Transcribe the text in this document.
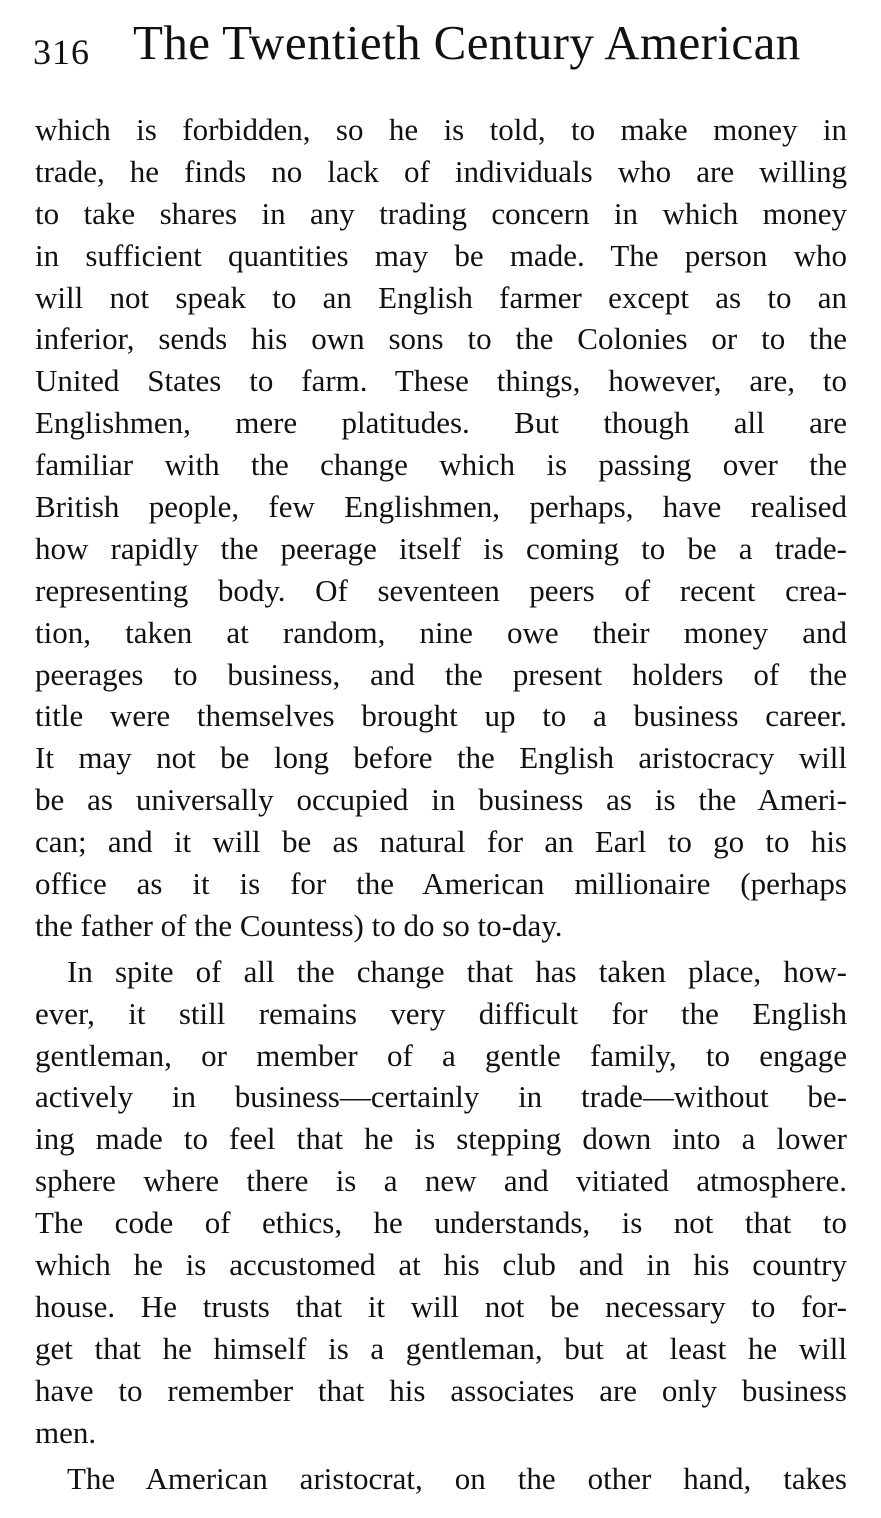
316 The Twentieth Century American
which is forbidden, so he is told, to make money in
trade, he finds no lack of individuals who are willing
to take shares in any trading concern in which money
in sufficient quantities may be made. The person who
will not speak to an English farmer except as to an
inferior, sends his own sons to the Colonies or to the
United States to farm. These things, however, are, to
Englishmen, mere platitudes. But though all are
familiar with the change which is passing over the
British people, few Englishmen, perhaps, have realised
how rapidly the peerage itself is coming to be a trade-
representing body. Of seventeen peers of recent crea-
tion, taken at random, nine owe their money and
peerages to business, and the present holders of the
title were themselves brought up to a business career.
It may not be long before the English aristocracy will
be as universally occupied in business as is the Ameri-
can; and it will be as natural for an Earl to go to his
office as it is for the American millionaire (perhaps
the father of the Countess) to do so to-day.
In spite of all the change that has taken place, how-
ever, it still remains very difficult for the English
gentleman, or member of a gentle family, to engage
actively in business—certainly in trade—without be-
ing made to feel that he is stepping down into a lower
sphere where there is a new and vitiated atmosphere.
The code of ethics, he understands, is not that to
which he is accustomed at his club and in his country
house. He trusts that it will not be necessary to for-
get that he himself is a gentleman, but at least he will
have to remember that his associates are only business
men.
The American aristocrat, on the other hand, takes
